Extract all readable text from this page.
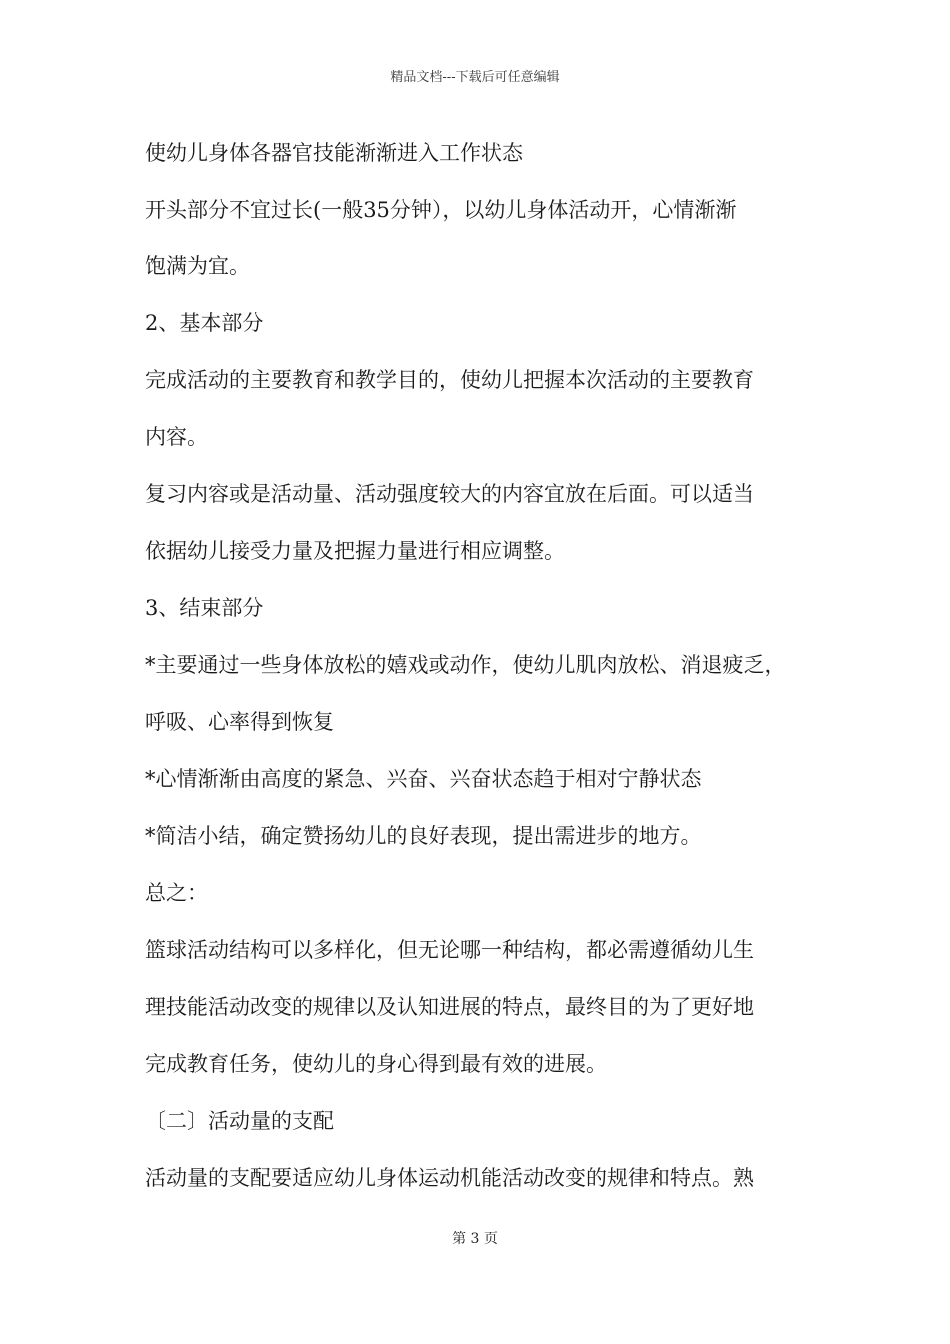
精品文档---下载后可任意编辑
使幼儿身体各器官技能渐渐进入工作状态
开头部分不宜过长(一般35分钟），以幼儿身体活动开，心情渐渐
饱满为宜。
2、基本部分
完成活动的主要教育和教学目的，使幼儿把握本次活动的主要教育
内容。
复习内容或是活动量、活动强度较大的内容宜放在后面。可以适当
依据幼儿接受力量及把握力量进行相应调整。
3、结束部分
*主要通过一些身体放松的嬉戏或动作，使幼儿肌肉放松、消退疲乏，
呼吸、心率得到恢复
*心情渐渐由高度的紧急、兴奋、兴奋状态趋于相对宁静状态
*简洁小结，确定赞扬幼儿的良好表现，提出需进步的地方。
总之：
篮球活动结构可以多样化，但无论哪一种结构，都必需遵循幼儿生
理技能活动改变的规律以及认知进展的特点，最终目的为了更好地
完成教育任务，使幼儿的身心得到最有效的进展。
〔二〕活动量的支配
活动量的支配要适应幼儿身体运动机能活动改变的规律和特点。熟
第 3 页
